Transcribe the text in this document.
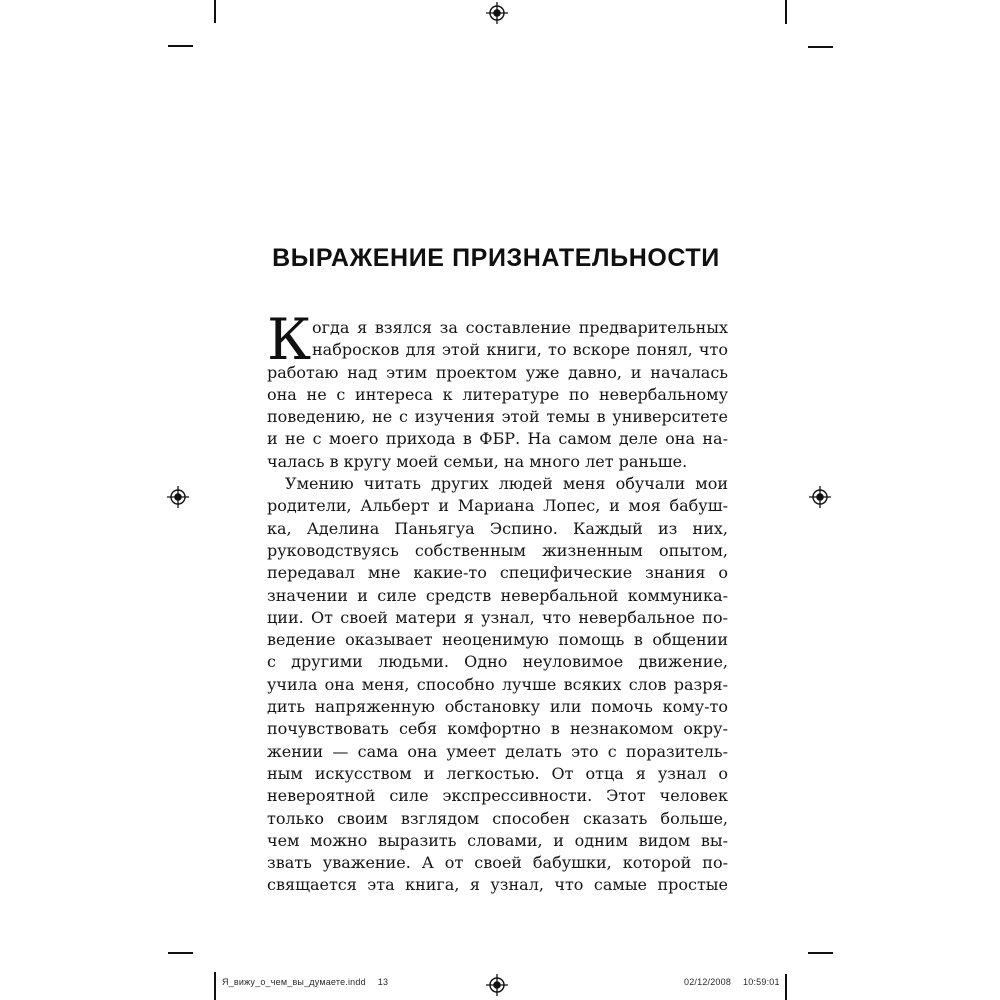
ВЫРАЖЕНИЕ ПРИЗНАТЕЛЬНОСТИ
К огда я взялся за составление предварительных
набросков для этой книги, то вскоре понял, что
работаю над этим проектом уже давно, и началась
она не с интереса к литературе по невербальному
поведению, не с изучения этой темы в университете
и не с моего прихода в ФБР. На самом деле она на-
чалась в кругу моей семьи, на много лет раньше.
Умению читать других людей меня обучали мои
родители, Альберт и Мариана Лопес, и моя бабуш-
ка, Аделина Паньягуа Эспино. Каждый из них,
руководствуясь собственным жизненным опытом,
передавал мне какие-то специфические знания о
значении и силе средств невербальной коммуника-
ции. От своей матери я узнал, что невербальное по-
ведение оказывает неоценимую помощь в общении
с другими людьми. Одно неуловимое движение,
учила она меня, способно лучше всяких слов разря-
дить напряженную обстановку или помочь кому-то
почувствовать себя комфортно в незнакомом окру-
жении — сама она умеет делать это с поразитель-
ным искусством и легкостью. От отца я узнал о
невероятной силе экспрессивности. Этот человек
только своим взглядом способен сказать больше,
чем можно выразить словами, и одним видом вы-
звать уважение. А от своей бабушки, которой по-
свящается эта книга, я узнал, что самые простые
Я_вижу_о_чем_вы_думаете.indd 13	02/12/2008 10:59:01
